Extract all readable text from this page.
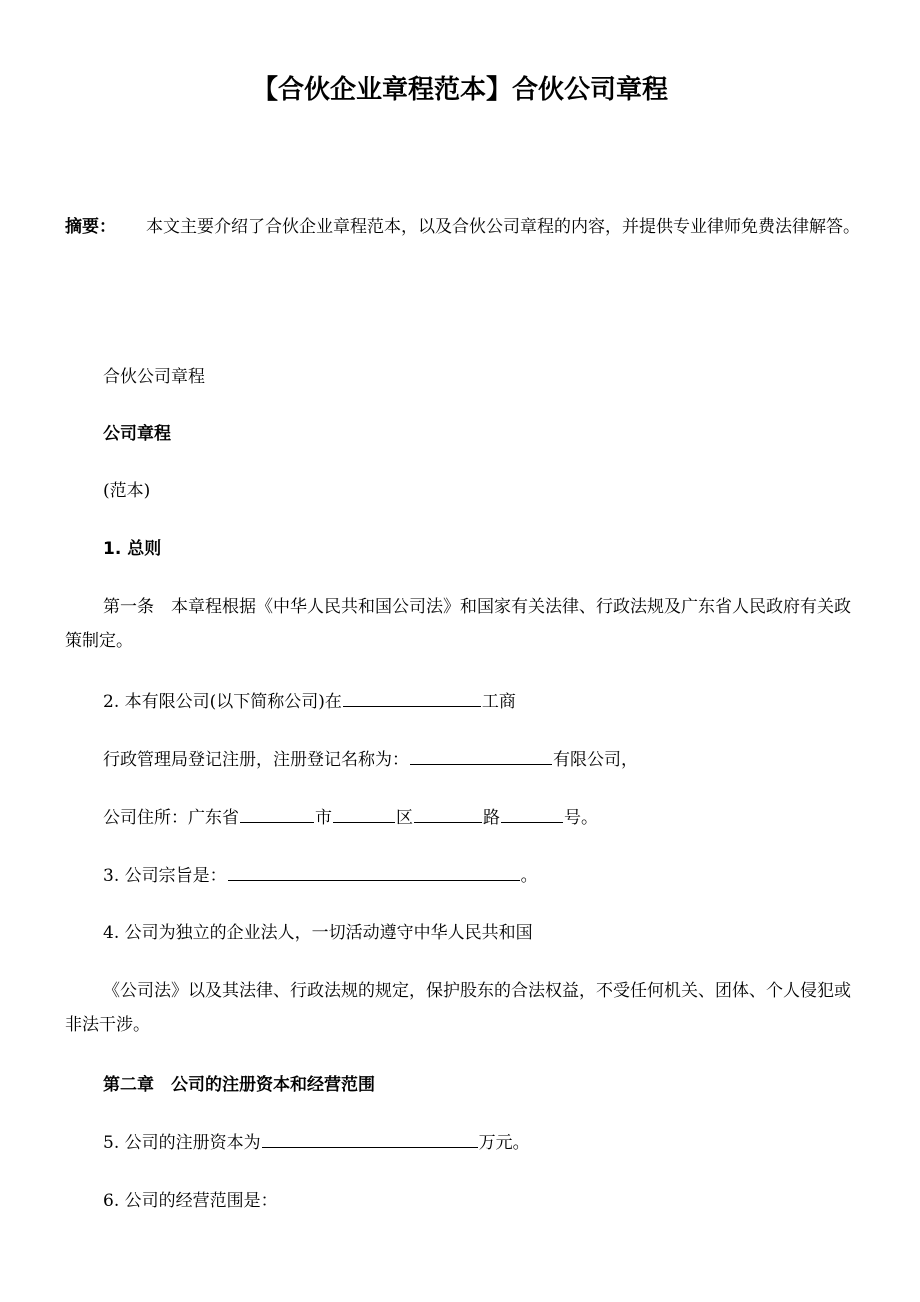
【合伙企业章程范本】合伙公司章程

摘要： 本文主要介绍了合伙企业章程范本，以及合伙公司章程的内容，并提供专业律师免费法律解答。

合伙公司章程

公司章程

(范本)

1. 总则

第一条　本章程根据《中华人民共和国公司法》和国家有关法律、行政法规及广东省人民政府有关政策制定。

2. 本有限公司(以下简称公司)在	工商

行政管理局登记注册，注册登记名称为：	有限公司，

公司住所：广东省	市	区	路	号。

3. 公司宗旨是：	。

4. 公司为独立的企业法人，一切活动遵守中华人民共和国

《公司法》以及其法律、行政法规的规定，保护股东的合法权益，不受任何机关、团体、个人侵犯或非法干涉。

第二章　公司的注册资本和经营范围

5. 公司的注册资本为	万元。

6. 公司的经营范围是：
